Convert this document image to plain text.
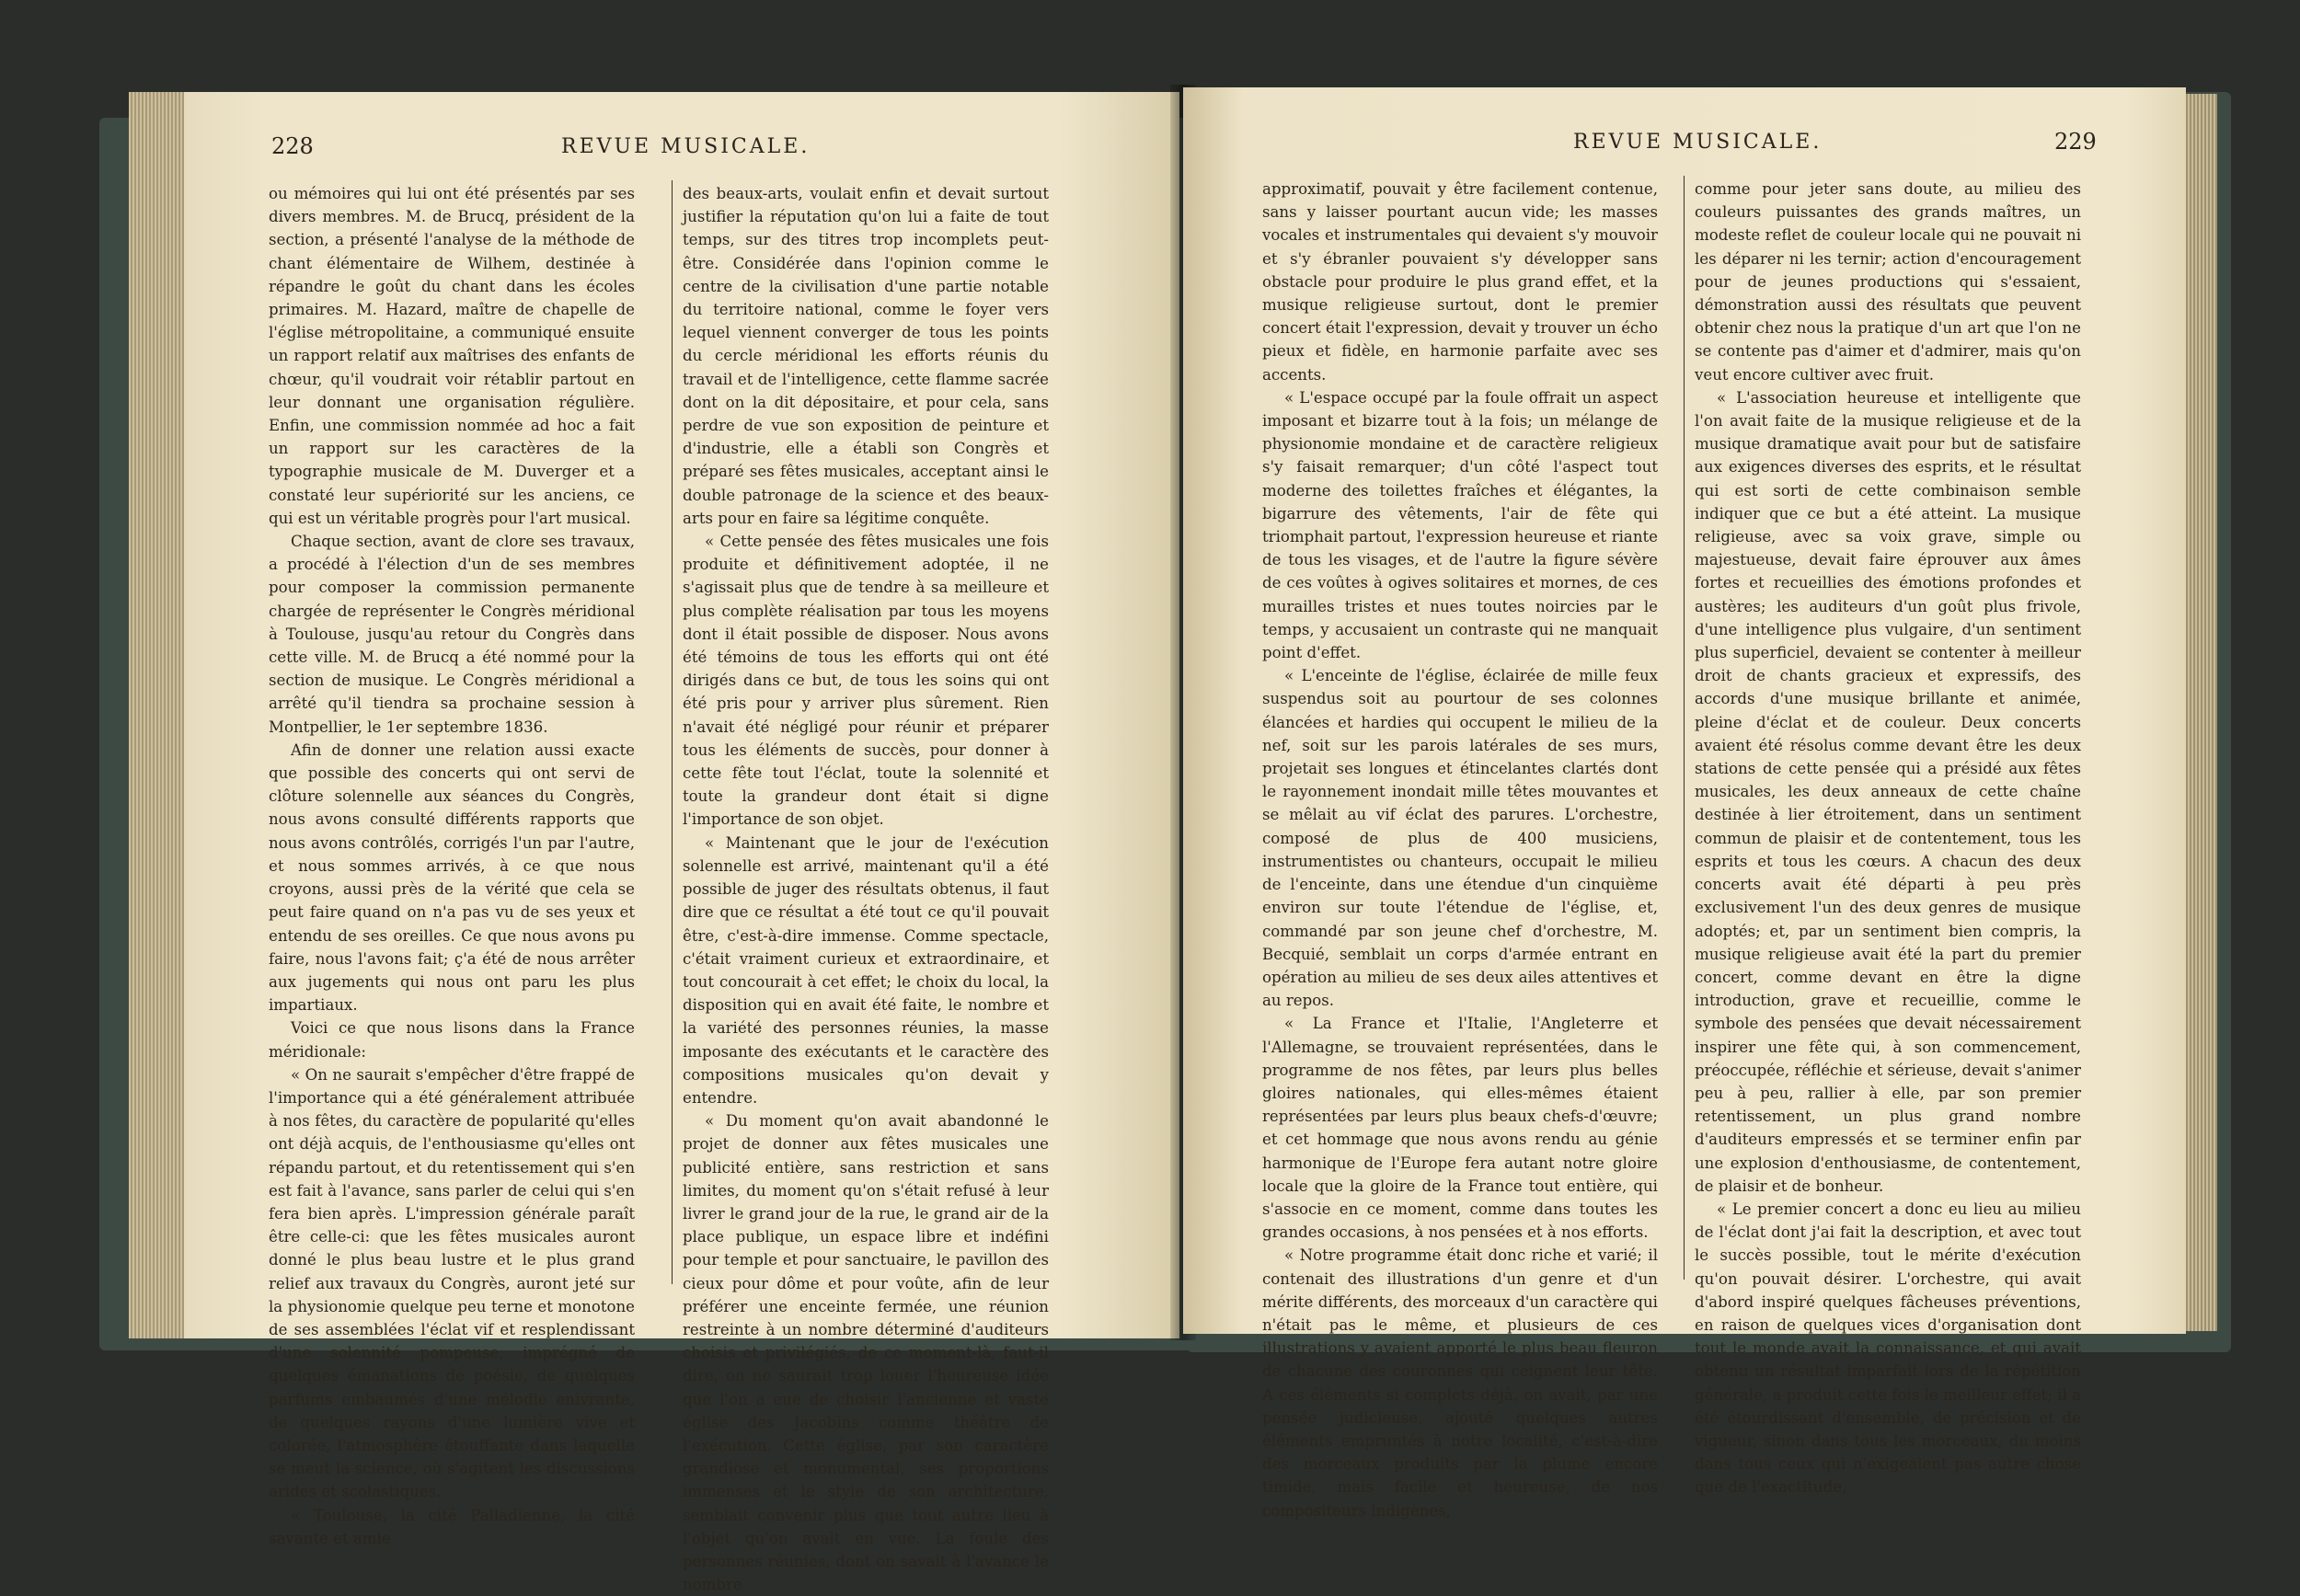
228	REVUE MUSICALE.

ou mémoires qui lui ont été présentés par ses divers membres. M. de Brucq, président de la section, a présenté l'analyse de la méthode de chant élémentaire de Wilhem, destinée à répandre le goût du chant dans les écoles primaires. M. Hazard, maître de chapelle de l'église métropolitaine, a communiqué ensuite un rapport relatif aux maîtrises des enfants de chœur, qu'il voudrait voir rétablir partout en leur donnant une organisation régulière. Enfin, une commission nommée ad hoc a fait un rapport sur les caractères de la typographie musicale de M. Duverger et a constaté leur supériorité sur les anciens, ce qui est un véritable progrès pour l'art musical.

Chaque section, avant de clore ses travaux, a procédé à l'élection d'un de ses membres pour composer la commission permanente chargée de représenter le Congrès méridional à Toulouse, jusqu'au retour du Congrès dans cette ville. M. de Brucq a été nommé pour la section de musique. Le Congrès méridional a arrêté qu'il tiendra sa prochaine session à Montpellier, le 1er septembre 1836.

Afin de donner une relation aussi exacte que possible des concerts qui ont servi de clôture solennelle aux séances du Congrès, nous avons consulté différents rapports que nous avons contrôlés, corrigés l'un par l'autre, et nous sommes arrivés, à ce que nous croyons, aussi près de la vérité que cela se peut faire quand on n'a pas vu de ses yeux et entendu de ses oreilles. Ce que nous avons pu faire, nous l'avons fait; ç'a été de nous arrêter aux jugements qui nous ont paru les plus impartiaux.

Voici ce que nous lisons dans la France méridionale:

« On ne saurait s'empêcher d'être frappé de l'importance qui a été généralement attribuée à nos fêtes, du caractère de popularité qu'elles ont déjà acquis, de l'enthousiasme qu'elles ont répandu partout, et du retentissement qui s'en est fait à l'avance, sans parler de celui qui s'en fera bien après. L'impression générale paraît être celle-ci: que les fêtes musicales auront donné le plus beau lustre et le plus grand relief aux travaux du Congrès, auront jeté sur la physionomie quelque peu terne et monotone de ses assemblées l'éclat vif et resplendissant d'une solennité pompeuse, imprégné de quelques émanations de poésie, de quelques parfums embaumés d'une mélodie enivrante, de quelques rayons d'une lumière vive et colorée, l'atmosphère étouffante dans laquelle se meut la science, où s'agitent les discussions arides et scolastiques.

« Toulouse, la cité Palladienne, la cité savante et amie

des beaux-arts, voulait enfin et devait surtout justifier la réputation qu'on lui a faite de tout temps, sur des titres trop incomplets peut-être. Considérée dans l'opinion comme le centre de la civilisation d'une partie notable du territoire national, comme le foyer vers lequel viennent converger de tous les points du cercle méridional les efforts réunis du travail et de l'intelligence, cette flamme sacrée dont on la dit dépositaire, et pour cela, sans perdre de vue son exposition de peinture et d'industrie, elle a établi son Congrès et préparé ses fêtes musicales, acceptant ainsi le double patronage de la science et des beaux-arts pour en faire sa légitime conquête.

« Cette pensée des fêtes musicales une fois produite et définitivement adoptée, il ne s'agissait plus que de tendre à sa meilleure et plus complète réalisation par tous les moyens dont il était possible de disposer. Nous avons été témoins de tous les efforts qui ont été dirigés dans ce but, de tous les soins qui ont été pris pour y arriver plus sûrement. Rien n'avait été négligé pour réunir et préparer tous les éléments de succès, pour donner à cette fête tout l'éclat, toute la solennité et toute la grandeur dont était si digne l'importance de son objet.

« Maintenant que le jour de l'exécution solennelle est arrivé, maintenant qu'il a été possible de juger des résultats obtenus, il faut dire que ce résultat a été tout ce qu'il pouvait être, c'est-à-dire immense. Comme spectacle, c'était vraiment curieux et extraordinaire, et tout concourait à cet effet; le choix du local, la disposition qui en avait été faite, le nombre et la variété des personnes réunies, la masse imposante des exécutants et le caractère des compositions musicales qu'on devait y entendre.

« Du moment qu'on avait abandonné le projet de donner aux fêtes musicales une publicité entière, sans restriction et sans limites, du moment qu'on s'était refusé à leur livrer le grand jour de la rue, le grand air de la place publique, un espace libre et indéfini pour temple et pour sanctuaire, le pavillon des cieux pour dôme et pour voûte, afin de leur préférer une enceinte fermée, une réunion restreinte à un nombre déterminé d'auditeurs choisis et privilégiés, de ce moment-là, faut-il dire, on ne saurait trop louer l'heureuse idée que l'on a eue de choisir l'ancienne et vaste église des Jacobins comme théâtre de l'exécution. Cette église, par son caractère grandiose et monumental, ses proportions immenses et le style de son architecture, semblait convenir plus que tout autre lieu à l'objet qu'on avait en vue. La foule des personnes réunies, dont on savait à l'avance le nombre

REVUE MUSICALE.	229

approximatif, pouvait y être facilement contenue, sans y laisser pourtant aucun vide; les masses vocales et instrumentales qui devaient s'y mouvoir et s'y ébranler pouvaient s'y développer sans obstacle pour produire le plus grand effet, et la musique religieuse surtout, dont le premier concert était l'expression, devait y trouver un écho pieux et fidèle, en harmonie parfaite avec ses accents.

« L'espace occupé par la foule offrait un aspect imposant et bizarre tout à la fois; un mélange de physionomie mondaine et de caractère religieux s'y faisait remarquer; d'un côté l'aspect tout moderne des toilettes fraîches et élégantes, la bigarrure des vêtements, l'air de fête qui triomphait partout, l'expression heureuse et riante de tous les visages, et de l'autre la figure sévère de ces voûtes à ogives solitaires et mornes, de ces murailles tristes et nues toutes noircies par le temps, y accusaient un contraste qui ne manquait point d'effet.

« L'enceinte de l'église, éclairée de mille feux suspendus soit au pourtour de ses colonnes élancées et hardies qui occupent le milieu de la nef, soit sur les parois latérales de ses murs, projetait ses longues et étincelantes clartés dont le rayonnement inondait mille têtes mouvantes et se mêlait au vif éclat des parures. L'orchestre, composé de plus de 400 musiciens, instrumentistes ou chanteurs, occupait le milieu de l'enceinte, dans une étendue d'un cinquième environ sur toute l'étendue de l'église, et, commandé par son jeune chef d'orchestre, M. Becquié, semblait un corps d'armée entrant en opération au milieu de ses deux ailes attentives et au repos.

« La France et l'Italie, l'Angleterre et l'Allemagne, se trouvaient représentées, dans le programme de nos fêtes, par leurs plus belles gloires nationales, qui elles-mêmes étaient représentées par leurs plus beaux chefs-d'œuvre; et cet hommage que nous avons rendu au génie harmonique de l'Europe fera autant notre gloire locale que la gloire de la France tout entière, qui s'associe en ce moment, comme dans toutes les grandes occasions, à nos pensées et à nos efforts.

« Notre programme était donc riche et varié; il contenait des illustrations d'un genre et d'un mérite différents, des morceaux d'un caractère qui n'était pas le même, et plusieurs de ces illustrations y avaient apporté le plus beau fleuron de chacune des couronnes qui ceignent leur tête. A ces éléments si complets déjà, on avait, par une pensée judicieuse, ajouté quelques autres éléments empruntés à notre localité, c'est-à-dire des morceaux produits par la plume encore timide, mais facile et heureuse, de nos compositeurs indigènes,

comme pour jeter sans doute, au milieu des couleurs puissantes des grands maîtres, un modeste reflet de couleur locale qui ne pouvait ni les déparer ni les ternir; action d'encouragement pour de jeunes productions qui s'essaient, démonstration aussi des résultats que peuvent obtenir chez nous la pratique d'un art que l'on ne se contente pas d'aimer et d'admirer, mais qu'on veut encore cultiver avec fruit.

« L'association heureuse et intelligente que l'on avait faite de la musique religieuse et de la musique dramatique avait pour but de satisfaire aux exigences diverses des esprits, et le résultat qui est sorti de cette combinaison semble indiquer que ce but a été atteint. La musique religieuse, avec sa voix grave, simple ou majestueuse, devait faire éprouver aux âmes fortes et recueillies des émotions profondes et austères; les auditeurs d'un goût plus frivole, d'une intelligence plus vulgaire, d'un sentiment plus superficiel, devaient se contenter à meilleur droit de chants gracieux et expressifs, des accords d'une musique brillante et animée, pleine d'éclat et de couleur. Deux concerts avaient été résolus comme devant être les deux stations de cette pensée qui a présidé aux fêtes musicales, les deux anneaux de cette chaîne destinée à lier étroitement, dans un sentiment commun de plaisir et de contentement, tous les esprits et tous les cœurs. A chacun des deux concerts avait été départi à peu près exclusivement l'un des deux genres de musique adoptés; et, par un sentiment bien compris, la musique religieuse avait été la part du premier concert, comme devant en être la digne introduction, grave et recueillie, comme le symbole des pensées que devait nécessairement inspirer une fête qui, à son commencement, préoccupée, réfléchie et sérieuse, devait s'animer peu à peu, rallier à elle, par son premier retentissement, un plus grand nombre d'auditeurs empressés et se terminer enfin par une explosion d'enthousiasme, de contentement, de plaisir et de bonheur.

« Le premier concert a donc eu lieu au milieu de l'éclat dont j'ai fait la description, et avec tout le succès possible, tout le mérite d'exécution qu'on pouvait désirer. L'orchestre, qui avait d'abord inspiré quelques fâcheuses préventions, en raison de quelques vices d'organisation dont tout le monde avait la connaissance, et qui avait obtenu un résultat imparfait lors de la répétition générale, a produit cette fois le meilleur effet; il a été étourdissant d'ensemble, de précision et de vigueur, sinon dans tous les morceaux, du moins dans tous ceux qui n'exigeaient pas autre chose que de l'exactitude,
